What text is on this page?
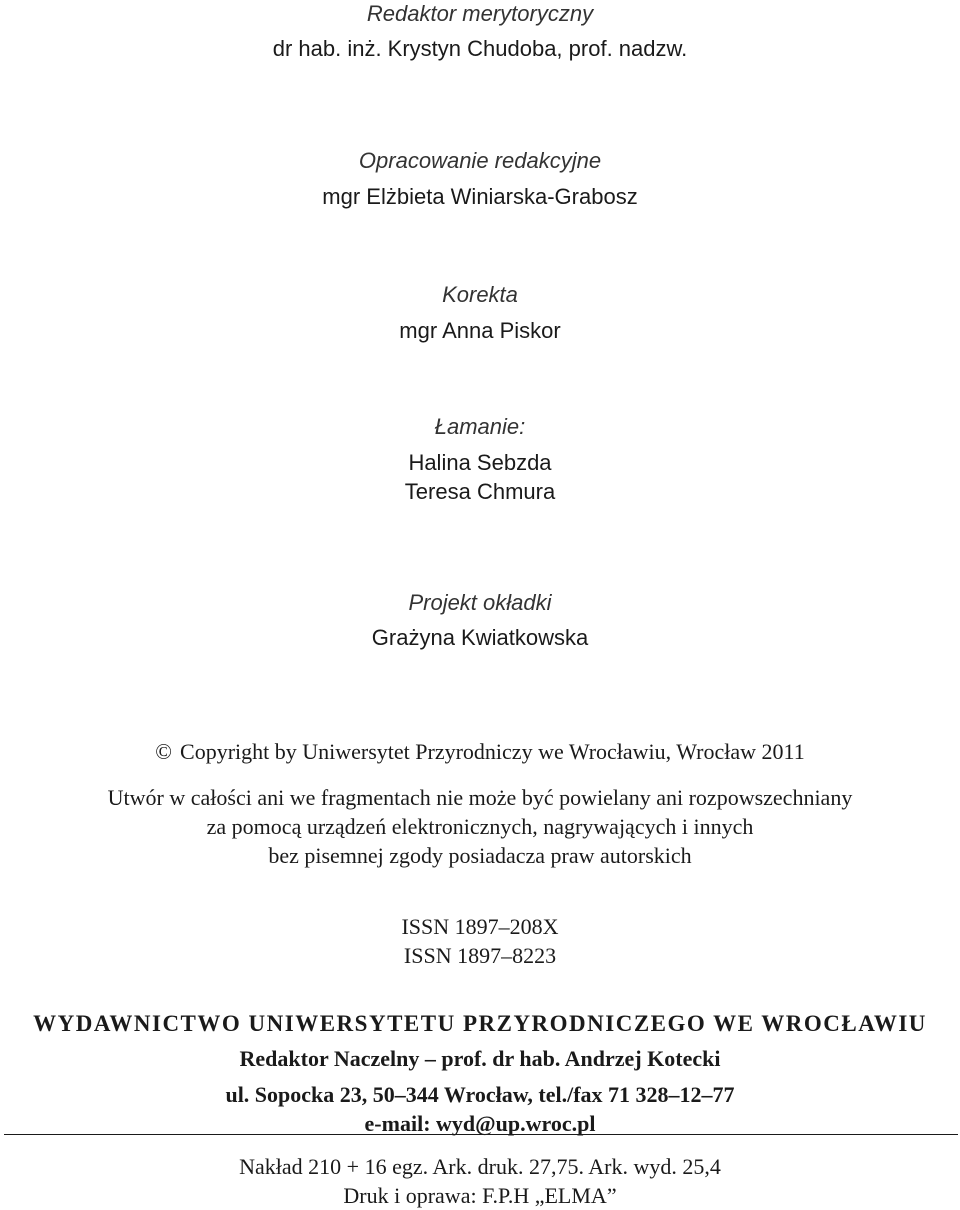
Redaktor merytoryczny
dr hab. inż. Krystyn Chudoba, prof. nadzw.
Opracowanie redakcyjne
mgr Elżbieta Winiarska-Grabosz
Korekta
mgr Anna Piskor
Łamanie:
Halina Sebzda
Teresa Chmura
Projekt okładki
Grażyna Kwiatkowska
© Copyright by Uniwersytet Przyrodniczy we Wrocławiu, Wrocław 2011
Utwór w całości ani we fragmentach nie może być powielany ani rozpowszechniany
za pomocą urządzeń elektronicznych, nagrywających i innych
bez pisemnej zgody posiadacza praw autorskich
ISSN 1897–208X
ISSN 1897–8223
WYDAWNICTWO UNIWERSYTETU PRZYRODNICZEGO WE WROCŁAWIU
Redaktor Naczelny – prof. dr hab. Andrzej Kotecki
ul. Sopocka 23, 50–344 Wrocław, tel./fax 71 328–12–77
e-mail: wyd@up.wroc.pl
Nakład 210 + 16 egz. Ark. druk. 27,75. Ark. wyd. 25,4
Druk i oprawa: F.P.H „ELMA”
